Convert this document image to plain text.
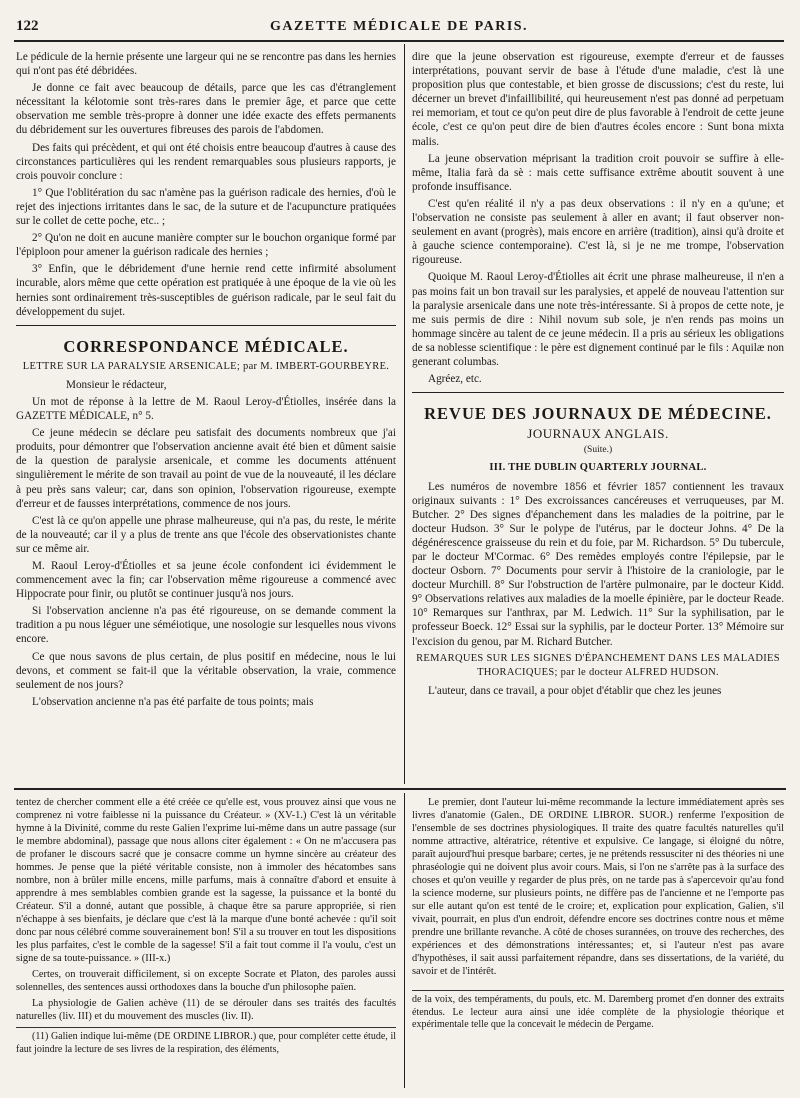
122	GAZETTE MÉDICALE DE PARIS.

Le pédicule de la hernie présente une largeur qui ne se rencontre pas dans les hernies qui n'ont pas été débridées.

Je donne ce fait avec beaucoup de détails, parce que les cas d'étranglement nécessitant la kélotomie sont très-rares dans le premier âge, et parce que cette observation me semble très-propre à donner une idée exacte des effets permanents du débridement sur les ouvertures fibreuses des parois de l'abdomen.

Des faits qui précèdent, et qui ont été choisis entre beaucoup d'autres à cause des circonstances particulières qui les rendent remarquables sous plusieurs rapports, je crois pouvoir conclure :

1° Que l'oblitération du sac n'amène pas la guérison radicale des hernies, d'où le rejet des injections irritantes dans le sac, de la suture et de l'acupuncture pratiquées sur le collet de cette poche, etc.. ;

2° Qu'on ne doit en aucune manière compter sur le bouchon organique formé par l'épiploon pour amener la guérison radicale des hernies ;

3° Enfin, que le débridement d'une hernie rend cette infirmité absolument incurable, alors même que cette opération est pratiquée à une époque de la vie où les hernies sont ordinairement très-susceptibles de guérison radicale, par le seul fait du développement du sujet.

CORRESPONDANCE MÉDICALE.
LETTRE SUR LA PARALYSIE ARSENICALE; par M. IMBERT-GOURBEYRE.

Monsieur le rédacteur,

Un mot de réponse à la lettre de M. Raoul Leroy-d'Étiolles, insérée dans la GAZETTE MÉDICALE, n° 5.

Ce jeune médecin se déclare peu satisfait des documents nombreux que j'ai produits, pour démontrer que l'observation ancienne avait été bien et dûment saisie de la question de paralysie arsenicale, et comme les documents atténuent singulièrement le mérite de son travail au point de vue de la nouveauté, il les déclare à peu près sans valeur; car, dans son opinion, l'observation rigoureuse, exempte d'erreur et de fausses interprétations, commence de nos jours.

C'est là ce qu'on appelle une phrase malheureuse, qui n'a pas, du reste, le mérite de la nouveauté; car il y a plus de trente ans que l'école des observationistes chante sur ce même air.

M. Raoul Leroy-d'Étiolles et sa jeune école confondent ici évidemment le commencement avec la fin; car l'observation même rigoureuse a commencé avec Hippocrate pour finir, ou plutôt se continuer jusqu'à nos jours.

Si l'observation ancienne n'a pas été rigoureuse, on se demande comment la tradition a pu nous léguer une séméiotique, une nosologie sur lesquelles nous vivons encore.

Ce que nous savons de plus certain, de plus positif en médecine, nous le lui devons, et comment se fait-il que la véritable observation, la vraie, commence seulement de nos jours?

L'observation ancienne n'a pas été parfaite de tous points; mais

dire que la jeune observation est rigoureuse, exempte d'erreur et de fausses interprétations, pouvant servir de base à l'étude d'une maladie, c'est là une proposition plus que contestable, et bien grosse de discussions; c'est du reste, lui décerner un brevet d'infaillibilité, qui heureusement n'est pas donné ad perpetuam rei memoriam, et tout ce qu'on peut dire de plus favorable à l'endroit de cette jeune école, c'est ce qu'on peut dire de bien d'autres écoles encore : Sunt bona mixta malis.

La jeune observation méprisant la tradition croit pouvoir se suffire à elle-même, Italia farà da sè : mais cette suffisance extrême aboutit souvent à une profonde insuffisance.

C'est qu'en réalité il n'y a pas deux observations : il n'y en a qu'une; et l'observation ne consiste pas seulement à aller en avant; il faut observer non-seulement en avant (progrès), mais encore en arrière (tradition), ainsi qu'à droite et à gauche science contemporaine). C'est là, si je ne me trompe, l'observation rigoureuse.

Quoique M. Raoul Leroy-d'Étiolles ait écrit une phrase malheureuse, il n'en a pas moins fait un bon travail sur les paralysies, et appelé de nouveau l'attention sur la paralysie arsenicale dans une note très-intéressante. Si à propos de cette note, je me suis permis de dire : Nihil novum sub sole, je n'en rends pas moins un hommage sincère au talent de ce jeune médecin. Il a pris au sérieux les obligations de sa noblesse scientifique : le père est dignement continué par le fils : Aquilæ non generant columbas.

Agréez, etc.

REVUE DES JOURNAUX DE MÉDECINE.
JOURNAUX ANGLAIS.
(Suite.)
III. THE DUBLIN QUARTERLY JOURNAL.

Les numéros de novembre 1856 et février 1857 contiennent les travaux originaux suivants : 1° Des excroissances cancéreuses et verruqueuses, par M. Butcher. 2° Des signes d'épanchement dans les maladies de la poitrine, par le docteur Hudson. 3° Sur le polype de l'utérus, par le docteur Johns. 4° De la dégénérescence graisseuse du rein et du foie, par M. Richardson. 5° Du tubercule, par le docteur M'Cormac. 6° Des remèdes employés contre l'épilepsie, par le docteur Osborn. 7° Documents pour servir à l'histoire de la craniologie, par le docteur Murchill. 8° Sur l'obstruction de l'artère pulmonaire, par le docteur Kidd. 9° Observations relatives aux maladies de la moelle épinière, par le docteur Reade. 10° Remarques sur l'anthrax, par M. Ledwich. 11° Sur la syphilisation, par le professeur Boeck. 12° Essai sur la syphilis, par le docteur Porter. 13° Mémoire sur l'excision du genou, par M. Richard Butcher.

REMARQUES SUR LES SIGNES D'ÉPANCHEMENT DANS LES MALADIES THORACIQUES; par le docteur ALFRED HUDSON.

L'auteur, dans ce travail, a pour objet d'établir que chez les jeunes

tentez de chercher comment elle a été créée ce qu'elle est, vous prouvez ainsi que vous ne comprenez ni votre faiblesse ni la puissance du Créateur. » (XV-1.) C'est là un véritable hymne à la Divinité, comme du reste Galien l'exprime lui-même dans un autre passage (sur le membre abdominal), passage que nous allons citer également : « On ne m'accusera pas de profaner le discours sacré que je consacre comme un hymne sincère au créateur des hommes. Je pense que la piété véritable consiste, non à immoler des hécatombes sans nombre, non à brûler mille encens, mille parfums, mais à connaître d'abord et ensuite à apprendre à mes semblables combien grande est la sagesse, la puissance et la bonté du Créateur. S'il a donné, autant que possible, à chaque être sa parure appropriée, si rien n'échappe à ses bienfaits, je déclare que c'est là la marque d'une bonté achevée : qu'il soit donc par nous célébré comme souverainement bon! S'il a su trouver en tout les dispositions les plus parfaites, c'est le comble de la sagesse! S'il a fait tout comme il l'a voulu, c'est un signe de sa toute-puissance. » (III-x.)

Certes, on trouverait difficilement, si on excepte Socrate et Platon, des paroles aussi solennelles, des sentences aussi orthodoxes dans la bouche d'un philosophe païen.

La physiologie de Galien achève (11) de se dérouler dans ses traités des facultés naturelles (liv. III) et du mouvement des muscles (liv. II).

(11) Galien indique lui-même (DE ORDINE LIBROR.) que, pour compléter cette étude, il faut joindre la lecture de ses livres de la respiration, des éléments,

Le premier, dont l'auteur lui-même recommande la lecture immédiatement après ses livres d'anatomie (Galen., DE ORDINE LIBROR. SUOR.) renferme l'exposition de l'ensemble de ses doctrines physiologiques. Il traite des quatre facultés naturelles qu'il nomme attractive, altératrice, rétentive et expulsive. Ce langage, si éloigné du nôtre, paraît aujourd'hui presque barbare; certes, je ne prétends ressusciter ni des théories ni une phraséologie qui ne doivent plus avoir cours. Mais, si l'on ne s'arrête pas à la surface des choses et qu'on veuille y regarder de plus près, on ne tarde pas à s'apercevoir qu'au fond la science moderne, sur plusieurs points, ne diffère pas de l'ancienne et ne l'emporte pas sur elle autant qu'on est tenté de le croire; et, explication pour explication, Galien, s'il vivait, pourrait, en plus d'un endroit, défendre encore ses doctrines contre nous et même prendre une brillante revanche. A côté de choses surannées, on trouve des recherches, des expériences et des démonstrations intéressantes; et, si l'auteur n'est pas avare d'hypothèses, il sait aussi parfaitement répandre, dans ses dissertations, de la variété, du savoir et de l'intérêt.

de la voix, des tempéraments, du pouls, etc. M. Daremberg promet d'en donner des extraits étendus. Le lecteur aura ainsi une idée complète de la physiologie théorique et expérimentale telle que la concevait le médecin de Pergame.
